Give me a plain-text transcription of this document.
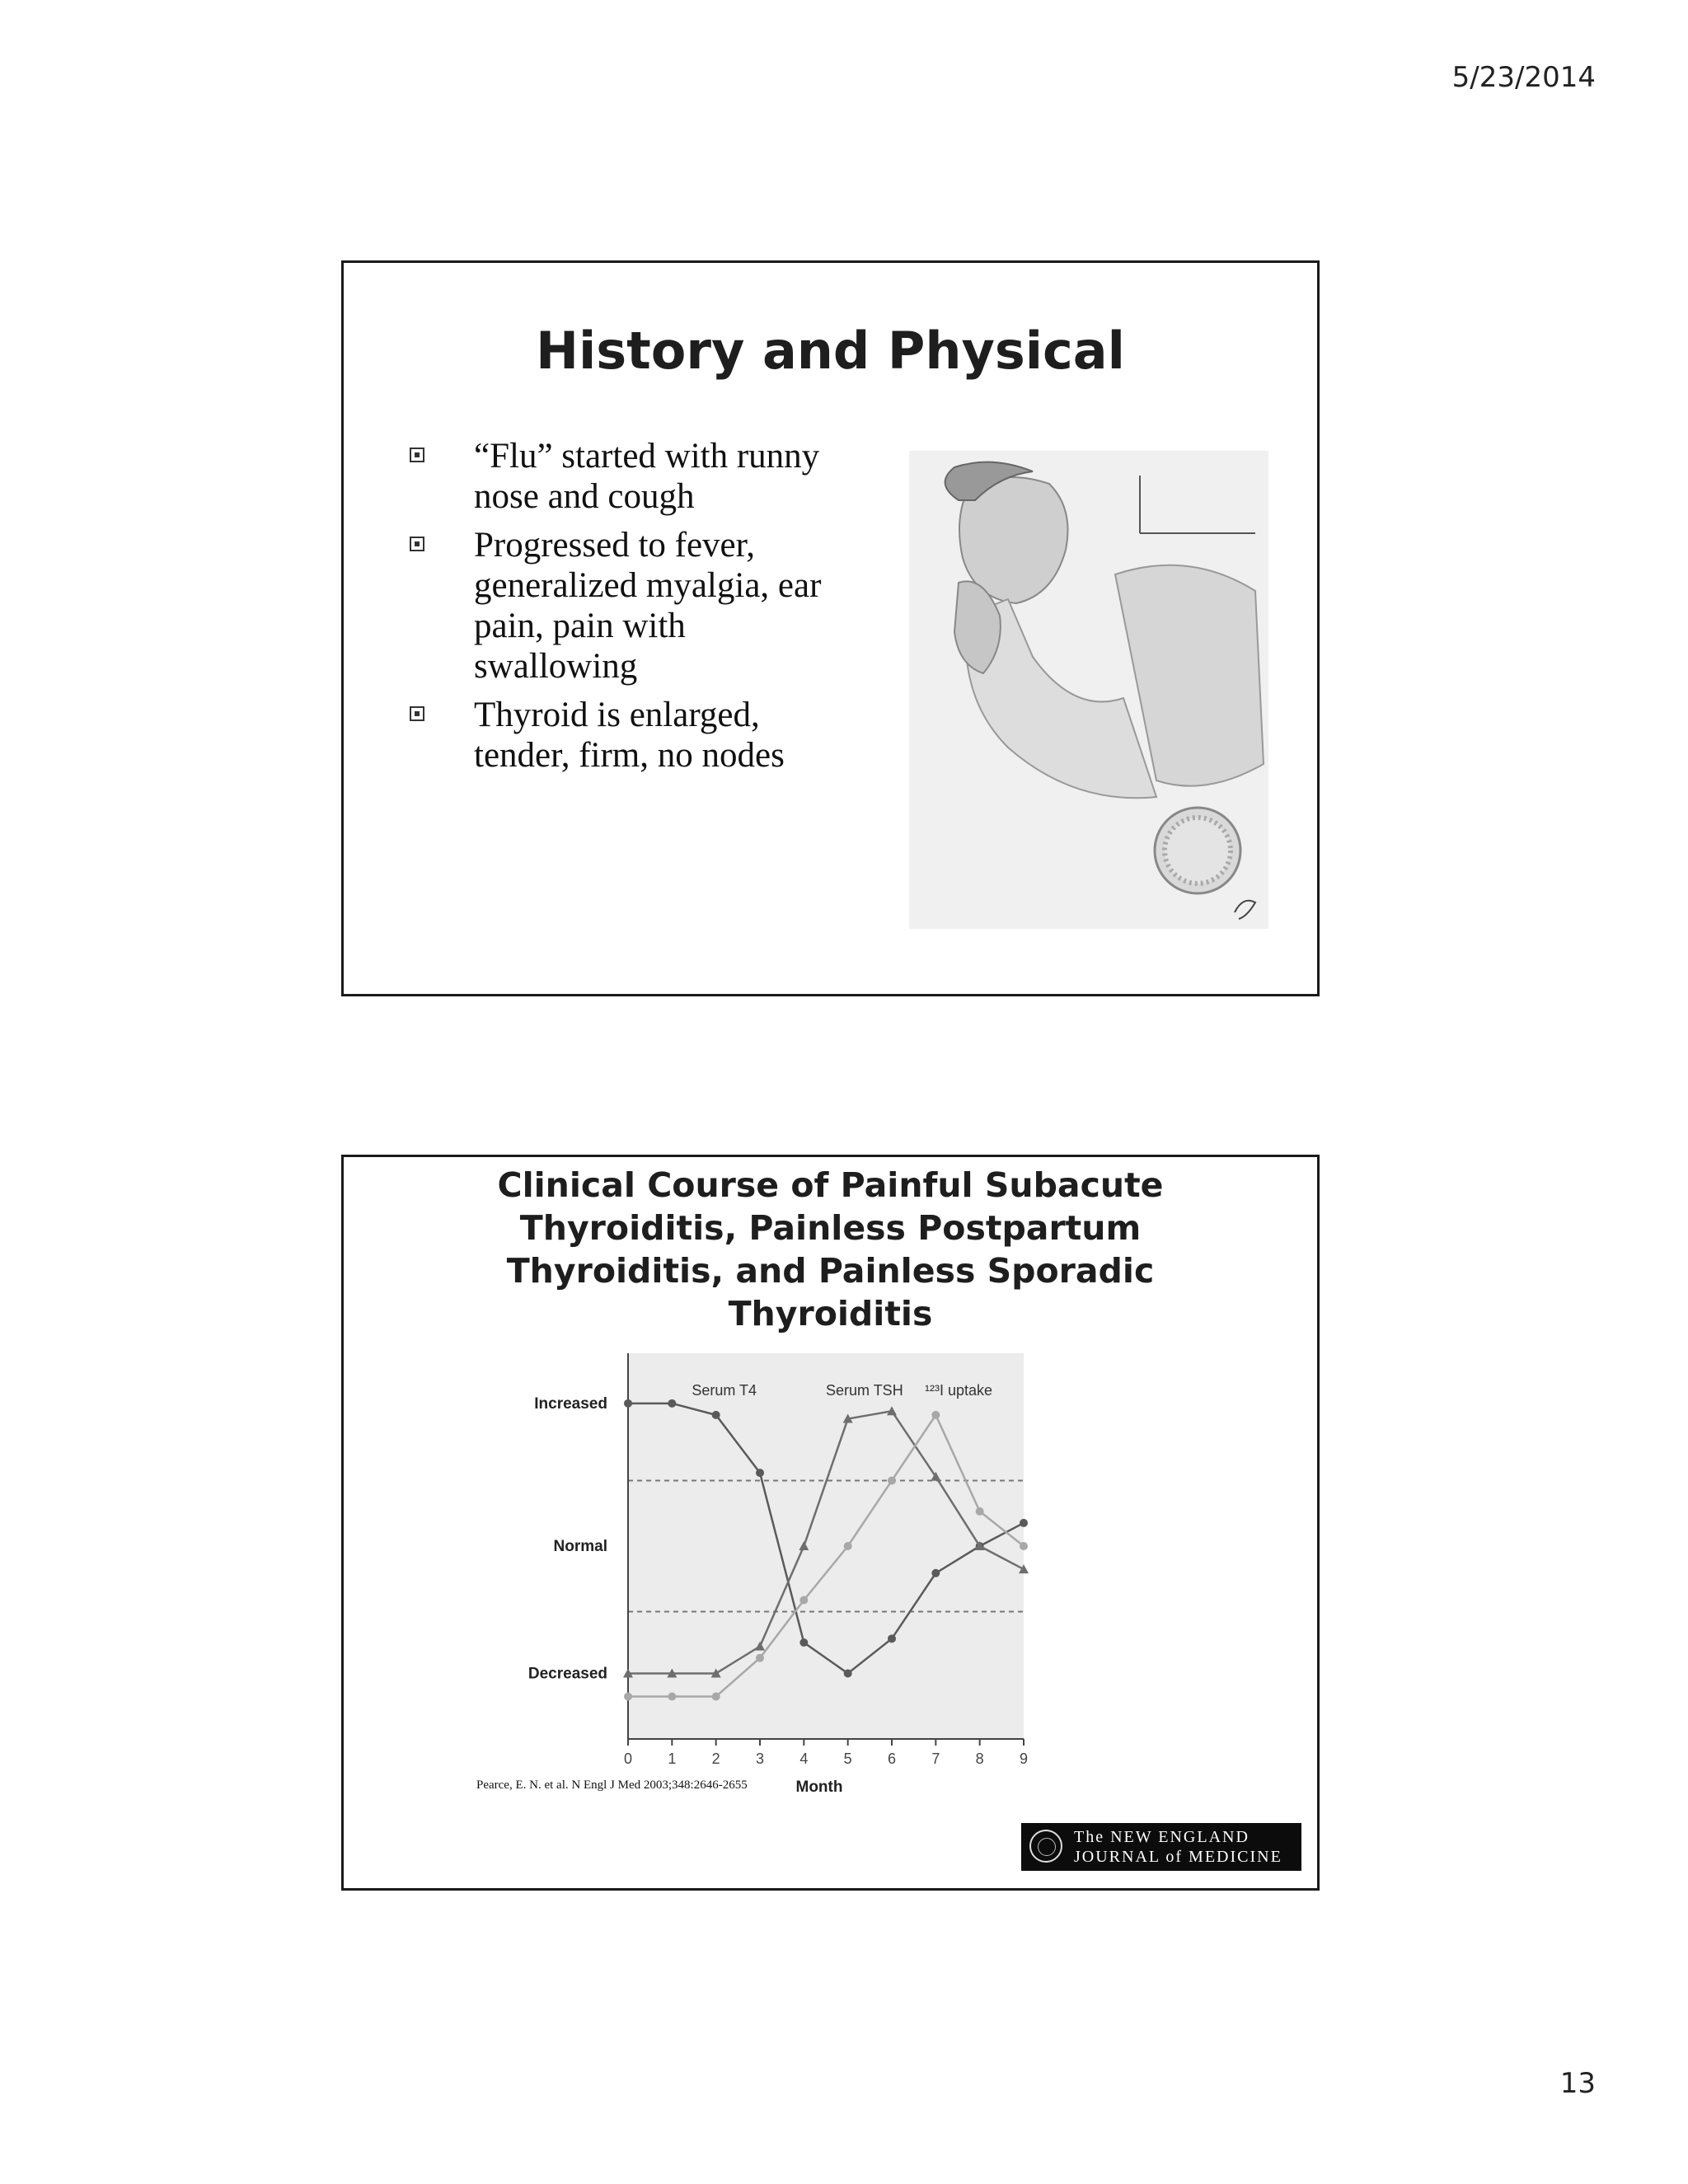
5/23/2014
History and Physical
“Flu” started with runny nose and cough
Progressed to fever, generalized myalgia, ear pain, pain with swallowing
Thyroid is enlarged, tender, firm, no nodes
Clinical Course of Painful Subacute Thyroiditis, Painless Postpartum Thyroiditis, and Painless Sporadic Thyroiditis
0 1 2 3 4 5 6 7 8 9
Increased
Normal
Decreased
Month
Serum T4	Serum TSH ¹²³I uptake
Pearce, E. N. et al. N Engl J Med 2003;348:2646-2655
The NEW ENGLAND
JOURNAL of MEDICINE
13
